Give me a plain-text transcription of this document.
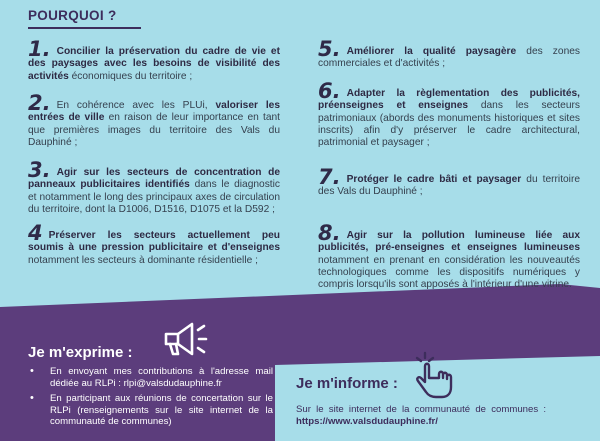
POURQUOI ?
1. Concilier la préservation du cadre de vie et des paysages avec les besoins de visibilité des activités économiques du territoire ;
2. En cohérence avec les PLUi, valoriser les entrées de ville en raison de leur importance en tant que premières images du territoire des Vals du Dauphiné ;
3. Agir sur les secteurs de concentration de panneaux publicitaires identifiés dans le diagnostic et notamment le long des principaux axes de circulation du territoire, dont la D1006, D1516, D1075 et la D592 ;
4 Préserver les secteurs actuellement peu soumis à une pression publicitaire et d'enseignes notamment les secteurs à dominante résidentielle ;
5. Améliorer la qualité paysagère des zones commerciales et d'activités ;
6. Adapter la règlementation des publicités, préenseignes et enseignes dans les secteurs patrimoniaux (abords des monuments historiques et sites inscrits) afin d'y préserver le cadre architectural, patrimonial et paysager ;
7. Protéger le cadre bâti et paysager du territoire des Vals du Dauphiné ;
8. Agir sur la pollution lumineuse liée aux publicités, pré-enseignes et enseignes lumineuses notamment en prenant en considération les nouveautés technologiques comme les dispositifs numériques y compris lorsqu'ils sont apposés à l'intérieur d'une vitrine.
Je m'exprime :
• En envoyant mes contributions à l'adresse mail dédiée au RLPi : rlpi@valsdudauphine.fr
• En participant aux réunions de concertation sur le RLPi (renseignements sur le site internet de la communauté de communes)
Je m'informe :
Sur le site internet de la communauté de communes : https://www.valsdudauphine.fr/
